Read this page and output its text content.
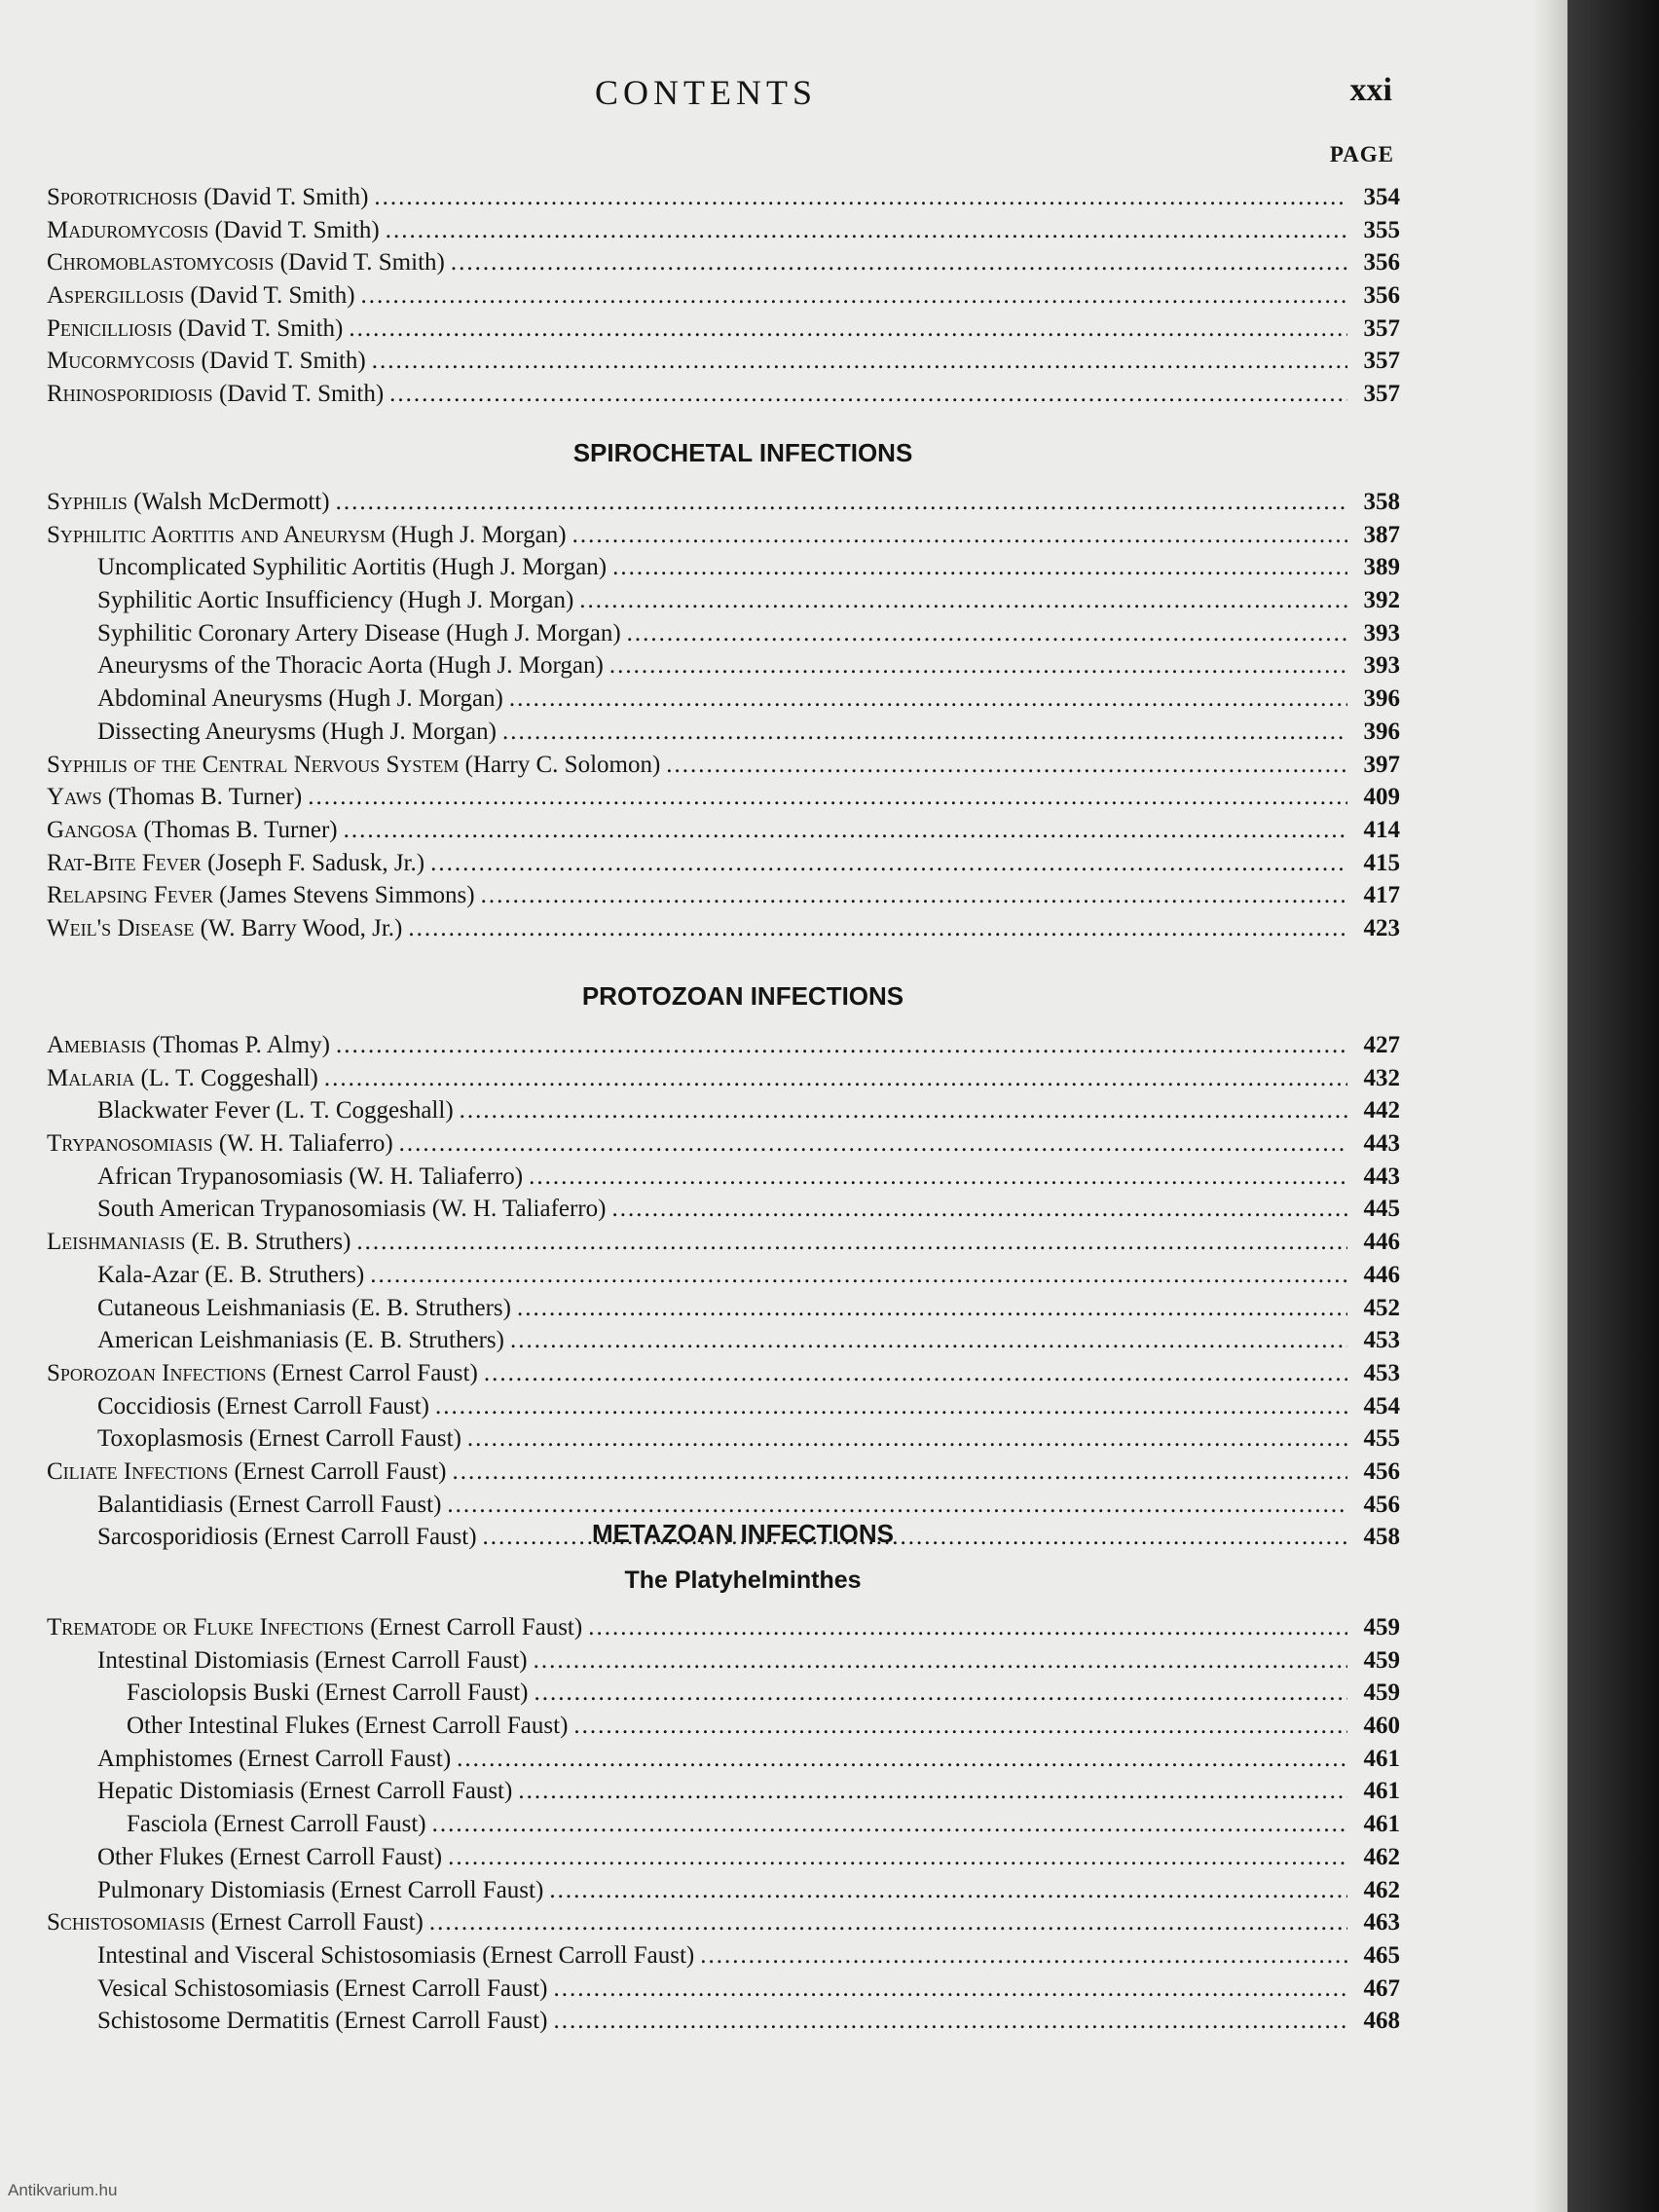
CONTENTS	xxi
PAGE
Sporotrichosis (David T. Smith) .....	354
Maduromycosis (David T. Smith) .....	355
Chromoblastomycosis (David T. Smith) .....	356
Aspergillosis (David T. Smith) .....	356
Penicilliosis (David T. Smith) .....	357
Mucormycosis (David T. Smith) .....	357
Rhinosporidiosis (David T. Smith) .....	357
SPIROCHETAL INFECTIONS
Syphilis (Walsh McDermott) .....	358
Syphilitic Aortitis and Aneurysm (Hugh J. Morgan) .....	387
Uncomplicated Syphilitic Aortitis (Hugh J. Morgan) .....	389
Syphilitic Aortic Insufficiency (Hugh J. Morgan) .....	392
Syphilitic Coronary Artery Disease (Hugh J. Morgan) .....	393
Aneurysms of the Thoracic Aorta (Hugh J. Morgan) .....	393
Abdominal Aneurysms (Hugh J. Morgan) .....	396
Dissecting Aneurysms (Hugh J. Morgan) .....	396
Syphilis of the Central Nervous System (Harry C. Solomon) .....	397
Yaws (Thomas B. Turner) .....	409
Gangosa (Thomas B. Turner) .....	414
Rat-Bite Fever (Joseph F. Sadusk, Jr.) .....	415
Relapsing Fever (James Stevens Simmons) .....	417
Weil's Disease (W. Barry Wood, Jr.) .....	423
PROTOZOAN INFECTIONS
Amebiasis (Thomas P. Almy) .....	427
Malaria (L. T. Coggeshall) .....	432
Blackwater Fever (L. T. Coggeshall) .....	442
Trypanosomiasis (W. H. Taliaferro) .....	443
African Trypanosomiasis (W. H. Taliaferro) .....	443
South American Trypanosomiasis (W. H. Taliaferro) .....	445
Leishmaniasis (E. B. Struthers) .....	446
Kala-Azar (E. B. Struthers) .....	446
Cutaneous Leishmaniasis (E. B. Struthers) .....	452
American Leishmaniasis (E. B. Struthers) .....	453
Sporozoan Infections (Ernest Carrol Faust) .....	453
Coccidiosis (Ernest Carroll Faust) .....	454
Toxoplasmosis (Ernest Carroll Faust) .....	455
Ciliate Infections (Ernest Carroll Faust) .....	456
Balantidiasis (Ernest Carroll Faust) .....	456
Sarcosporidiosis (Ernest Carroll Faust) .....	458
METAZOAN INFECTIONS
The Platyhelminthes
Trematode or Fluke Infections (Ernest Carroll Faust) .....	459
Intestinal Distomiasis (Ernest Carroll Faust) .....	459
Fasciolopsis Buski (Ernest Carroll Faust) .....	459
Other Intestinal Flukes (Ernest Carroll Faust) .....	460
Amphistomes (Ernest Carroll Faust) .....	461
Hepatic Distomiasis (Ernest Carroll Faust) .....	461
Fasciola (Ernest Carroll Faust) .....	461
Other Flukes (Ernest Carroll Faust) .....	462
Pulmonary Distomiasis (Ernest Carroll Faust) .....	462
Schistosomiasis (Ernest Carroll Faust) .....	463
Intestinal and Visceral Schistosomiasis (Ernest Carroll Faust) .....	465
Vesical Schistosomiasis (Ernest Carroll Faust) .....	467
Schistosome Dermatitis (Ernest Carroll Faust) .....	468
Antikvarium.hu
